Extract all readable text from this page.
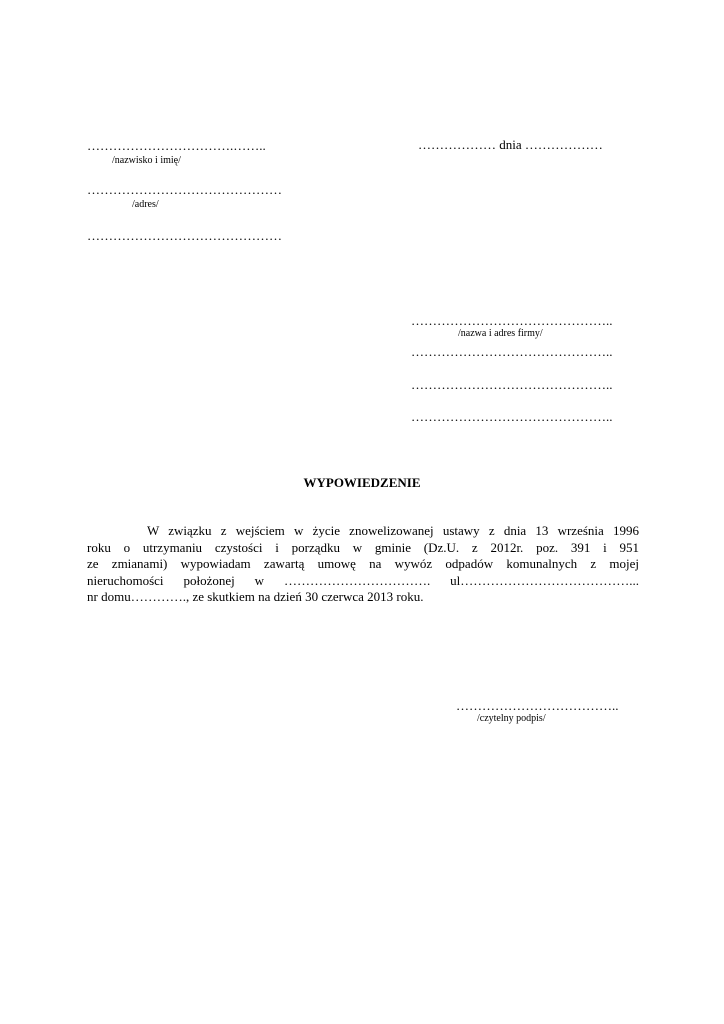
…………………………….……..
/nazwisko i imię/
………………………………………
/adres/
………………………………………
……………… dnia ………………
………………………………………..
/nazwa i adres firmy/
………………………………………..
………………………………………..
………………………………………..
WYPOWIEDZENIE
W związku z wejściem w życie znowelizowanej ustawy z dnia 13 września 1996
roku o utrzymaniu czystości i porządku w gminie (Dz.U. z 2012r. poz. 391 i 951
ze zmianami) wypowiadam zawartą umowę na wywóz odpadów komunalnych z mojej
nieruchomości położonej w ……………………………. ul…………………………………...
nr domu…………., ze skutkiem na dzień 30 czerwca 2013 roku.
………………………………..
/czytelny podpis/
